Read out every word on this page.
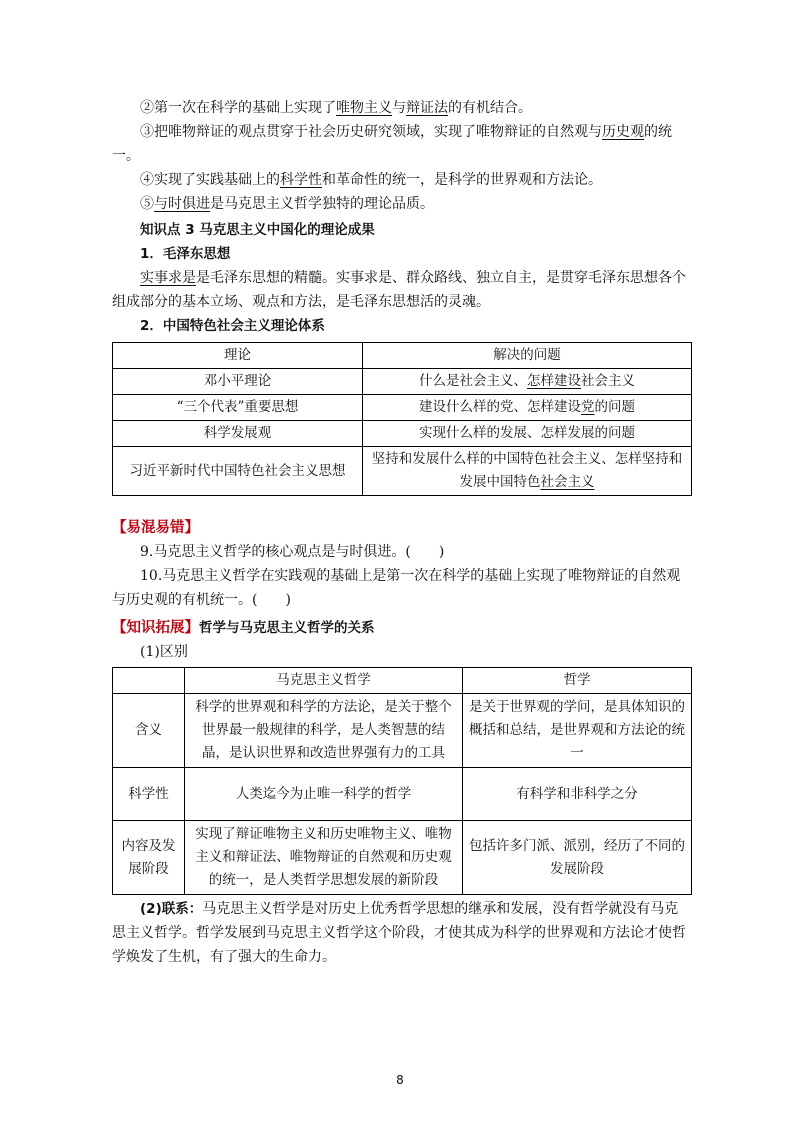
②第一次在科学的基础上实现了唯物主义与辩证法的有机结合。

③把唯物辩证的观点贯穿于社会历史研究领域，实现了唯物辩证的自然观与历史观的统一。

④实现了实践基础上的科学性和革命性的统一，是科学的世界观和方法论。

⑤与时俱进是马克思主义哲学独特的理论品质。

知识点 3 马克思主义中国化的理论成果

1．毛泽东思想

实事求是是毛泽东思想的精髓。实事求是、群众路线、独立自主，是贯穿毛泽东思想各个组成部分的基本立场、观点和方法，是毛泽东思想活的灵魂。

2．中国特色社会主义理论体系

理论	解决的问题
邓小平理论	什么是社会主义、怎样建设社会主义
“三个代表”重要思想	建设什么样的党、怎样建设党的问题
科学发展观	实现什么样的发展、怎样发展的问题
习近平新时代中国特色社会主义思想	坚持和发展什么样的中国特色社会主义、怎样坚持和发展中国特色社会主义

【易混易错】

9.马克思主义哲学的核心观点是与时俱进。(　　)

10.马克思主义哲学在实践观的基础上是第一次在科学的基础上实现了唯物辩证的自然观与历史观的有机统一。(　　)

【知识拓展】哲学与马克思主义哲学的关系

(1)区别

	马克思主义哲学	哲学
含义	科学的世界观和科学的方法论，是关于整个世界最一般规律的科学，是人类智慧的结晶，是认识世界和改造世界强有力的工具	是关于世界观的学问，是具体知识的概括和总结，是世界观和方法论的统一
科学性	人类迄今为止唯一科学的哲学	有科学和非科学之分
内容及发展阶段	实现了辩证唯物主义和历史唯物主义、唯物主义和辩证法、唯物辩证的自然观和历史观的统一，是人类哲学思想发展的新阶段	包括许多门派、派别，经历了不同的发展阶段

(2)联系：马克思主义哲学是对历史上优秀哲学思想的继承和发展，没有哲学就没有马克思主义哲学。哲学发展到马克思主义哲学这个阶段，才使其成为科学的世界观和方法论才使哲学焕发了生机，有了强大的生命力。

8
